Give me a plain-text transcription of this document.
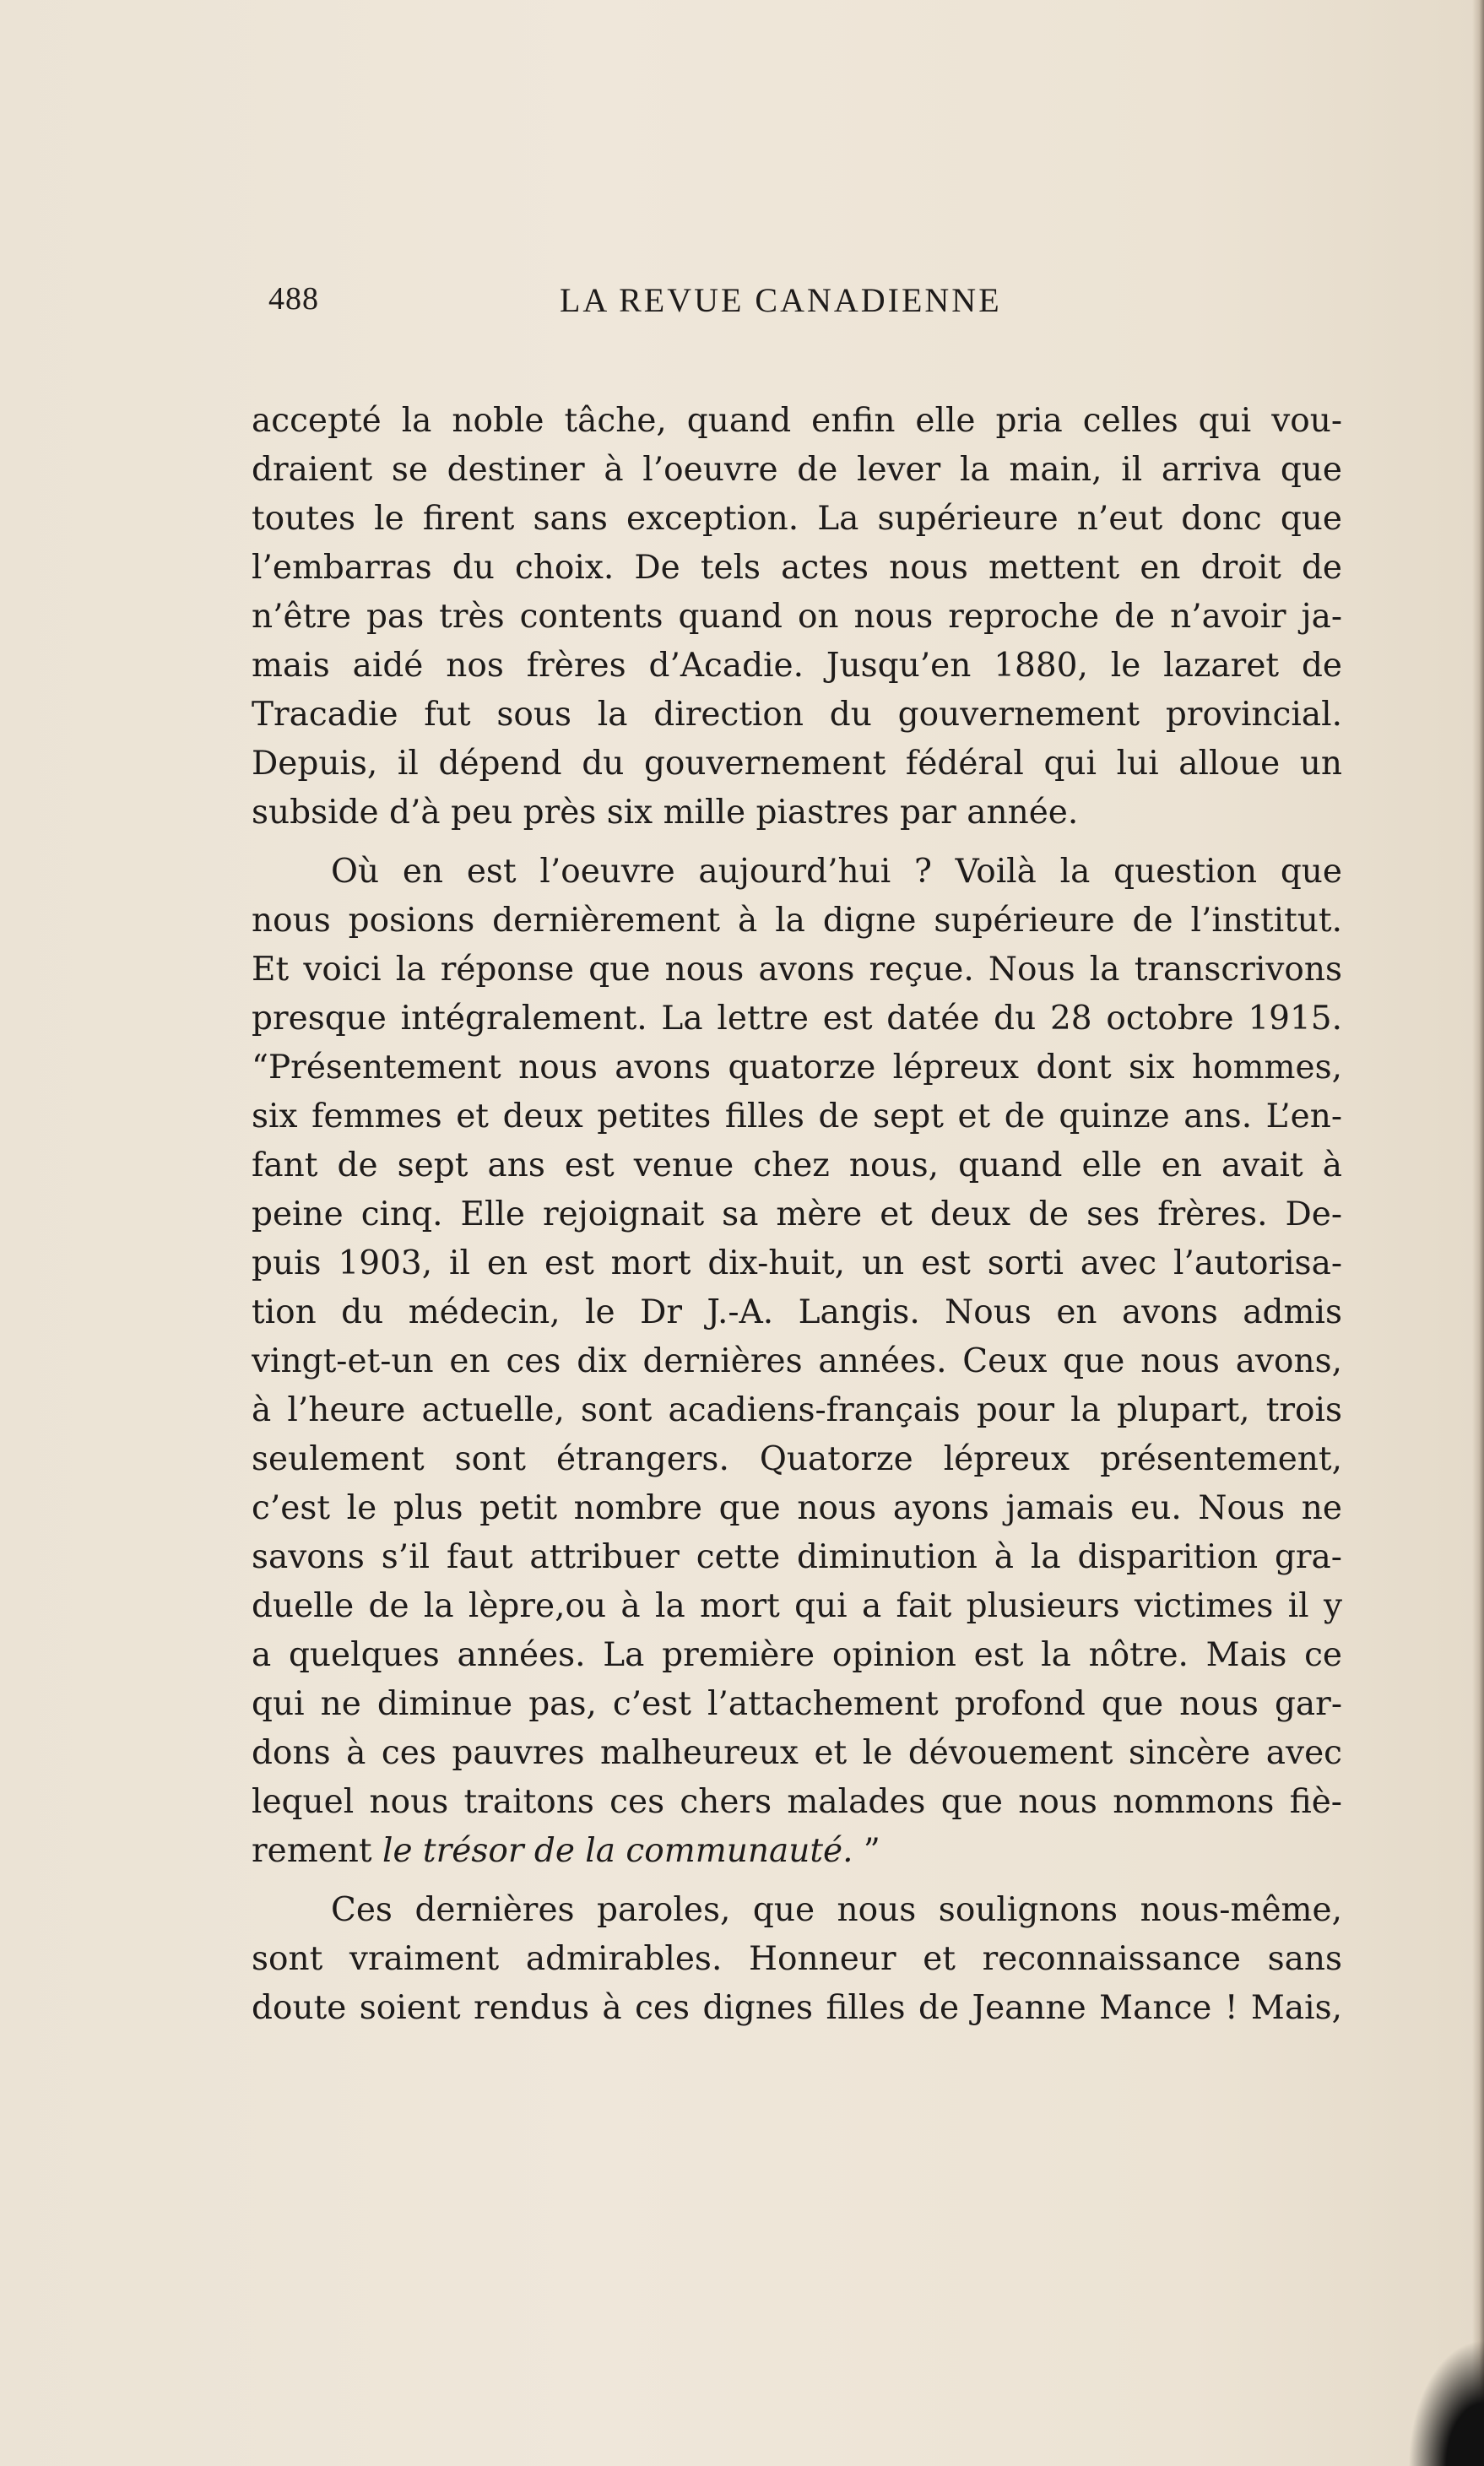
488	LA REVUE CANADIENNE
accepté la noble tâche, quand enfin elle pria celles qui vou-
draient se destiner à l’oeuvre de lever la main, il arriva que
toutes le firent sans exception. La supérieure n’eut donc que
l’embarras du choix. De tels actes nous mettent en droit de
n’être pas très contents quand on nous reproche de n’avoir ja-
mais aidé nos frères d’Acadie. Jusqu’en 1880, le lazaret de
Tracadie fut sous la direction du gouvernement provincial.
Depuis, il dépend du gouvernement fédéral qui lui alloue un
subside d’à peu près six mille piastres par année.
Où en est l’oeuvre aujourd’hui ? Voilà la question que
nous posions dernièrement à la digne supérieure de l’institut.
Et voici la réponse que nous avons reçue. Nous la transcrivons
presque intégralement. La lettre est datée du 28 octobre 1915.
“Présentement nous avons quatorze lépreux dont six hommes,
six femmes et deux petites filles de sept et de quinze ans. L’en-
fant de sept ans est venue chez nous, quand elle en avait à
peine cinq. Elle rejoignait sa mère et deux de ses frères. De-
puis 1903, il en est mort dix-huit, un est sorti avec l’autorisa-
tion du médecin, le Dr J.-A. Langis. Nous en avons admis
vingt-et-un en ces dix dernières années. Ceux que nous avons,
à l’heure actuelle, sont acadiens-français pour la plupart, trois
seulement sont étrangers. Quatorze lépreux présentement,
c’est le plus petit nombre que nous ayons jamais eu. Nous ne
savons s’il faut attribuer cette diminution à la disparition gra-
duelle de la lèpre,ou à la mort qui a fait plusieurs victimes il y
a quelques années. La première opinion est la nôtre. Mais ce
qui ne diminue pas, c’est l’attachement profond que nous gar-
dons à ces pauvres malheureux et le dévouement sincère avec
lequel nous traitons ces chers malades que nous nommons fiè-
rement le trésor de la communauté. ”
Ces dernières paroles, que nous soulignons nous-même,
sont vraiment admirables. Honneur et reconnaissance sans
doute soient rendus à ces dignes filles de Jeanne Mance ! Mais,
